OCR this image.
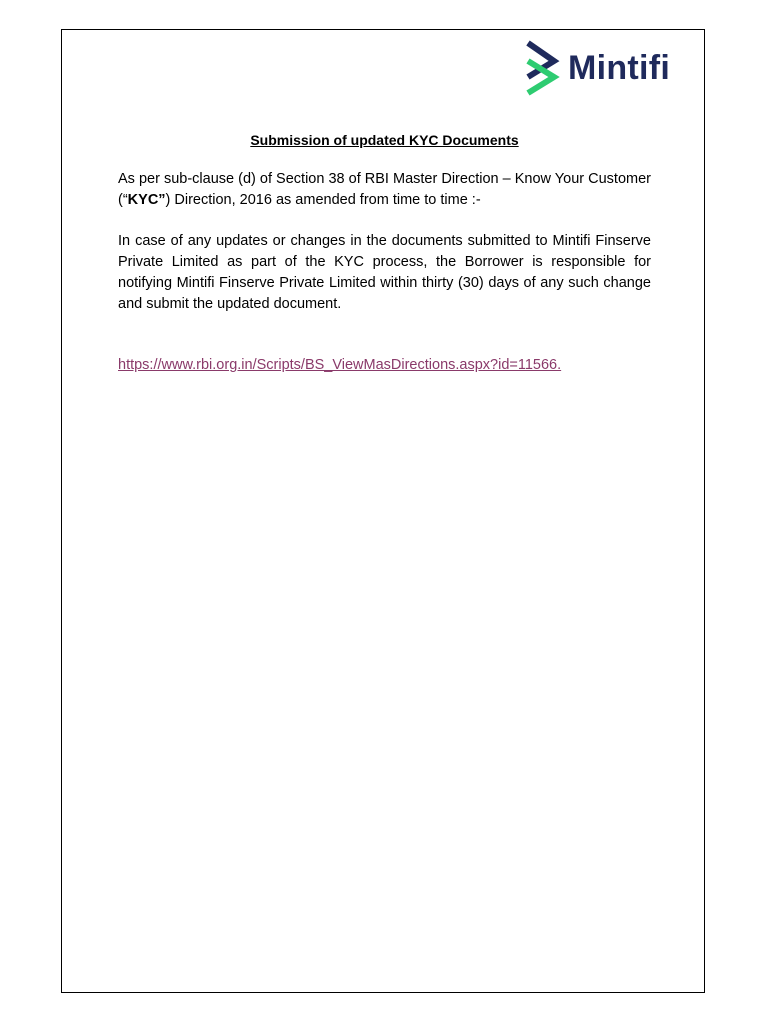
Mintifi

Submission of updated KYC Documents

As per sub-clause (d) of Section 38 of RBI Master Direction – Know Your Customer (“KYC”) Direction, 2016 as amended from time to time :-

In case of any updates or changes in the documents submitted to Mintifi Finserve Private Limited as part of the KYC process, the Borrower is responsible for notifying Mintifi Finserve Private Limited within thirty (30) days of any such change and submit the updated document.

https://www.rbi.org.in/Scripts/BS_ViewMasDirections.aspx?id=11566.
